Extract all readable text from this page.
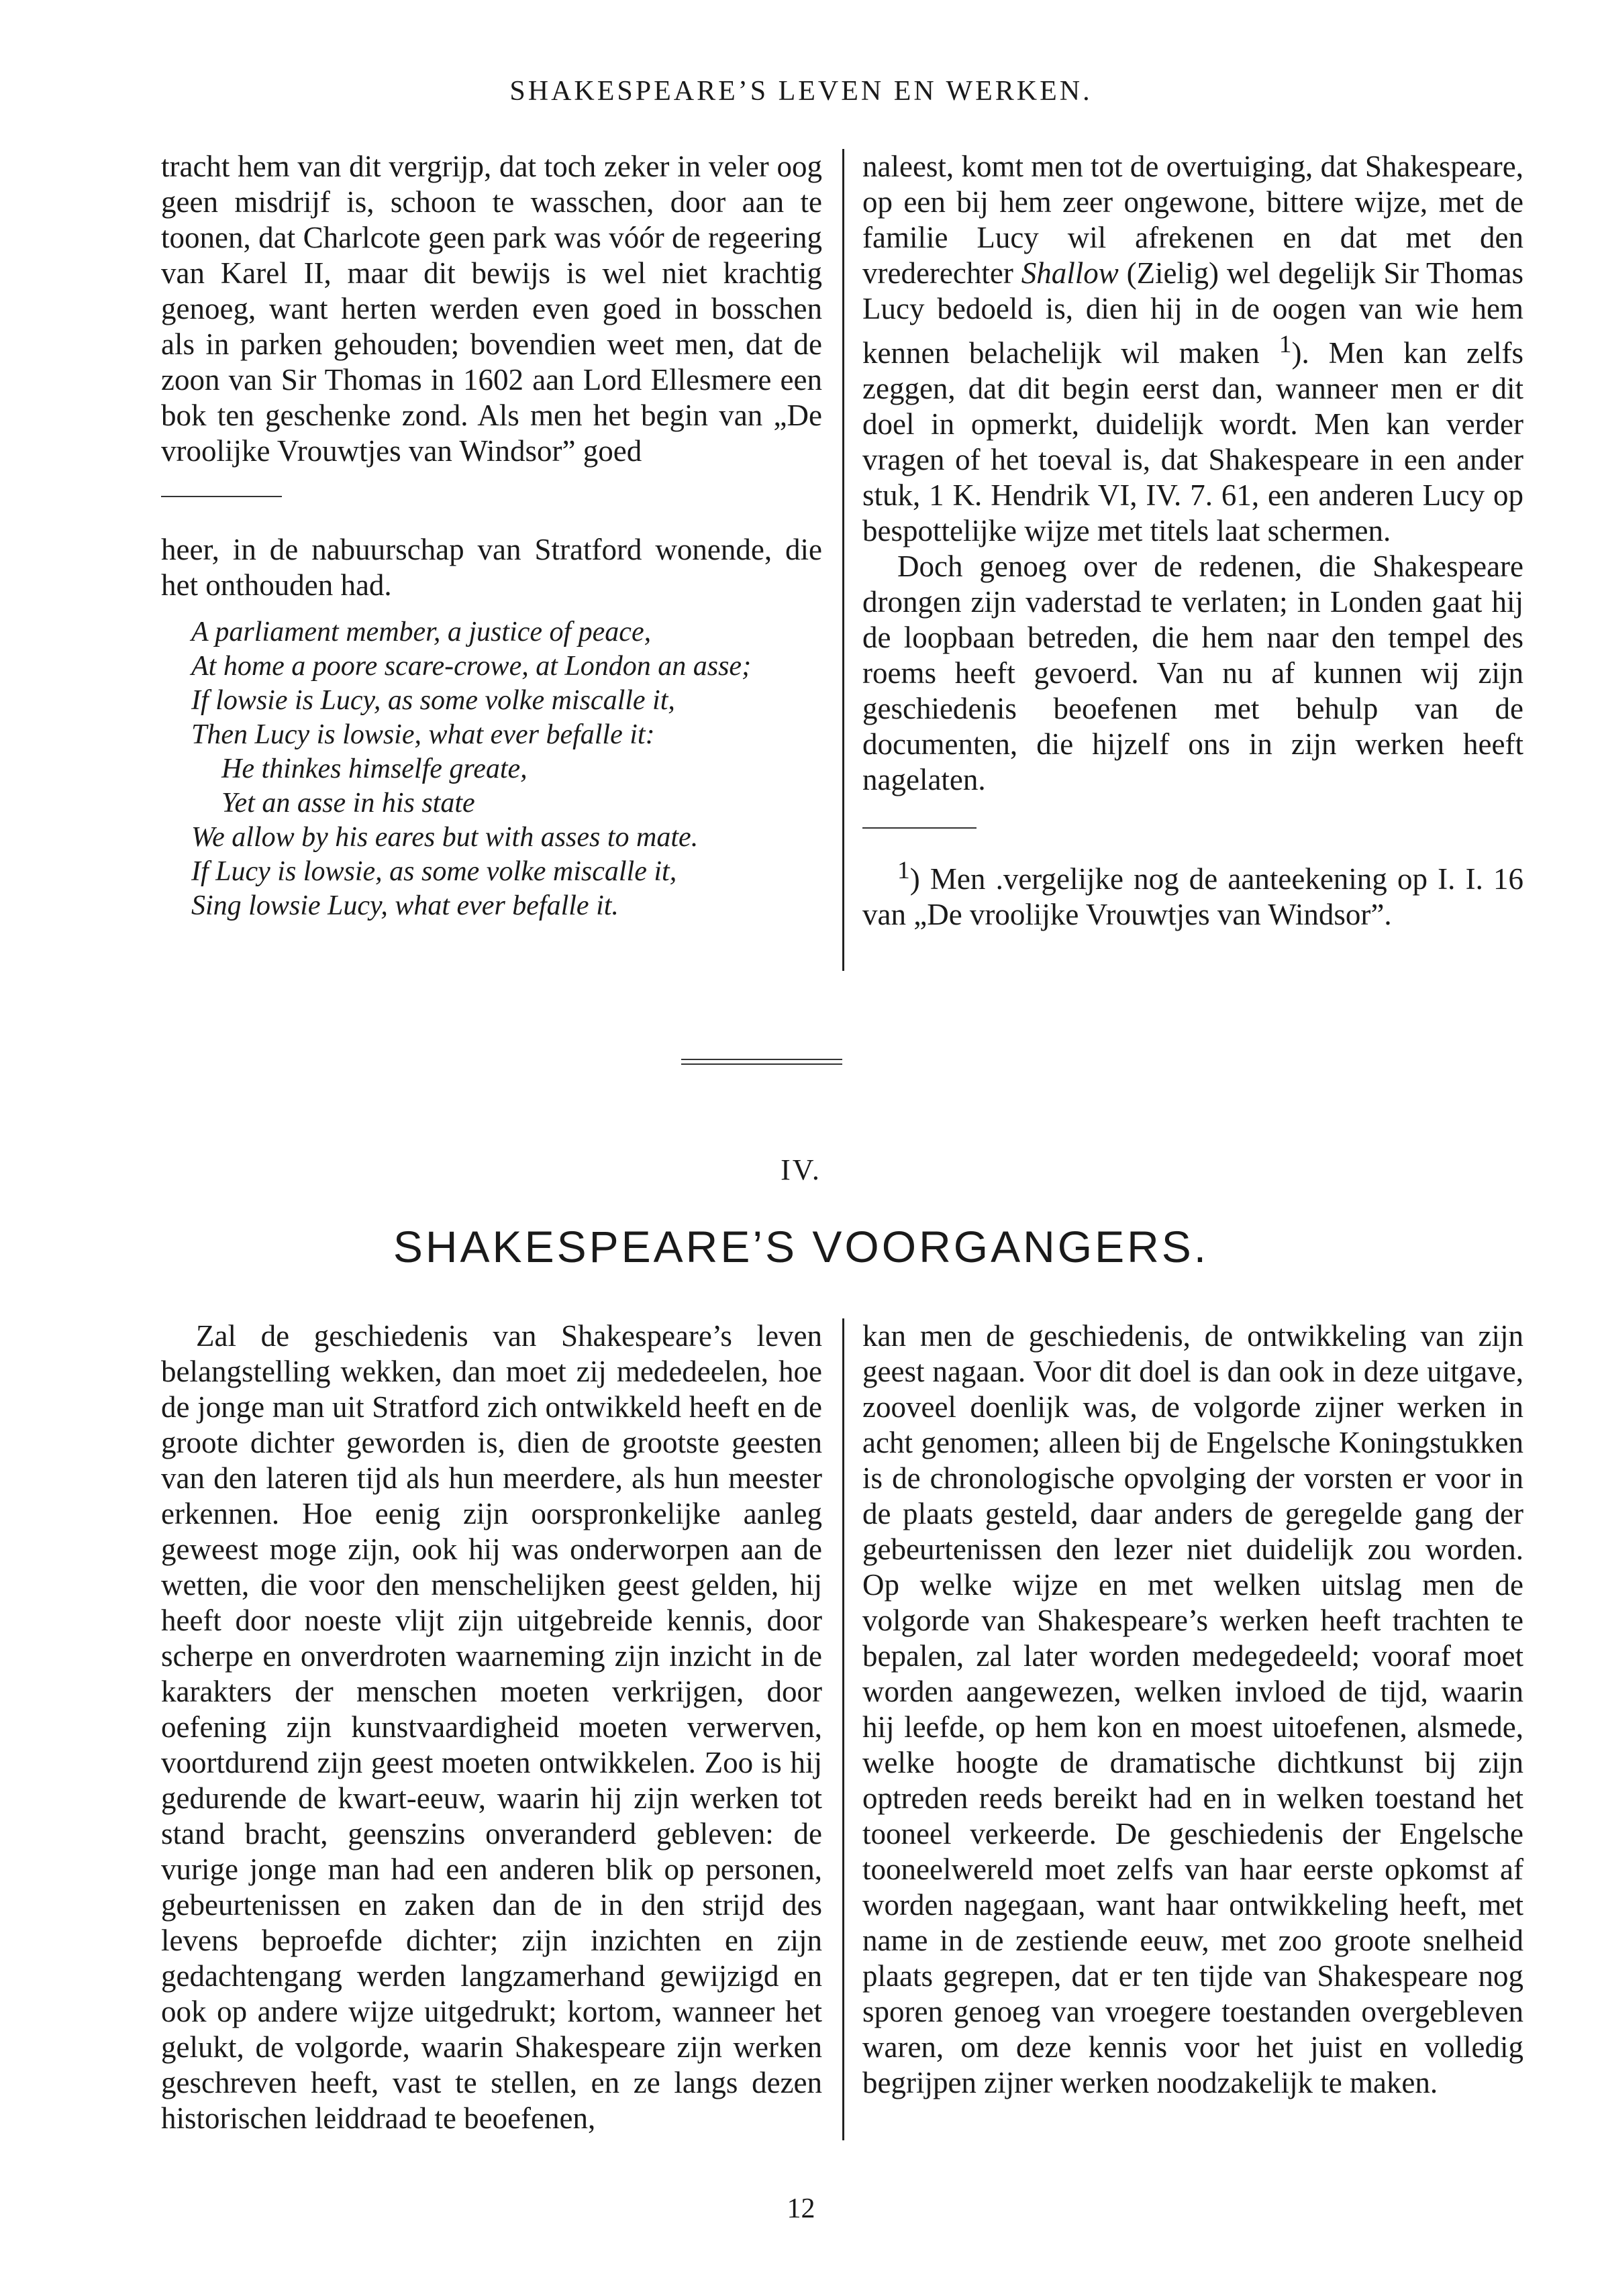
SHAKESPEARE’S LEVEN EN WERKEN.

tracht hem van dit vergrijp, dat toch zeker in veler oog geen misdrijf is, schoon te wasschen, door aan te toonen, dat Charlcote geen park was vóór de regeering van Karel II, maar dit bewijs is wel niet krachtig genoeg, want herten werden even goed in bosschen als in parken gehouden; bovendien weet men, dat de zoon van Sir Thomas in 1602 aan Lord Ellesmere een bok ten geschenke zond. Als men het begin van „De vroolijke Vrouwtjes van Windsor” goed

heer, in de nabuurschap van Stratford wonende, die het onthouden had.

A parliament member, a justice of peace,
At home a poore scare-crowe, at London an asse;
If lowsie is Lucy, as some volke miscalle it,
Then Lucy is lowsie, what ever befalle it:
He thinkes himselfe greate,
Yet an asse in his state
We allow by his eares but with asses to mate.
If Lucy is lowsie, as some volke miscalle it,
Sing lowsie Lucy, what ever befalle it.

naleest, komt men tot de overtuiging, dat Shakespeare, op een bij hem zeer ongewone, bittere wijze, met de familie Lucy wil afrekenen en dat met den vrederechter Shallow (Zielig) wel degelijk Sir Thomas Lucy bedoeld is, dien hij in de oogen van wie hem kennen belachelijk wil maken $^1$). Men kan zelfs zeggen, dat dit begin eerst dan, wanneer men er dit doel in opmerkt, duidelijk wordt. Men kan verder vragen of het toeval is, dat Shakespeare in een ander stuk, 1 K. Hendrik VI, IV. 7. 61, een anderen Lucy op bespottelijke wijze met titels laat schermen.

Doch genoeg over de redenen, die Shakespeare drongen zijn vaderstad te verlaten; in Londen gaat hij de loopbaan betreden, die hem naar den tempel des roems heeft gevoerd. Van nu af kunnen wij zijn geschiedenis beoefenen met behulp van de documenten, die hijzelf ons in zijn werken heeft nagelaten.

$^1$) Men .vergelijke nog de aanteekening op I. I. 16 van „De vroolijke Vrouwtjes van Windsor”.

IV.
SHAKESPEARE’S VOORGANGERS.

Zal de geschiedenis van Shakespeare’s leven belangstelling wekken, dan moet zij mededeelen, hoe de jonge man uit Stratford zich ontwikkeld heeft en de groote dichter geworden is, dien de grootste geesten van den lateren tijd als hun meerdere, als hun meester erkennen. Hoe eenig zijn oorspronkelijke aanleg geweest moge zijn, ook hij was onderworpen aan de wetten, die voor den menschelijken geest gelden, hij heeft door noeste vlijt zijn uitgebreide kennis, door scherpe en onverdroten waarneming zijn inzicht in de karakters der menschen moeten verkrijgen, door oefening zijn kunstvaardigheid moeten verwerven, voortdurend zijn geest moeten ontwikkelen. Zoo is hij gedurende de kwart-eeuw, waarin hij zijn werken tot stand bracht, geenszins onveranderd gebleven: de vurige jonge man had een anderen blik op personen, gebeurtenissen en zaken dan de in den strijd des levens beproefde dichter; zijn inzichten en zijn gedachtengang werden langzamerhand gewijzigd en ook op andere wijze uitgedrukt; kortom, wanneer het gelukt, de volgorde, waarin Shakespeare zijn werken geschreven heeft, vast te stellen, en ze langs dezen historischen leiddraad te beoefenen,

kan men de geschiedenis, de ontwikkeling van zijn geest nagaan. Voor dit doel is dan ook in deze uitgave, zooveel doenlijk was, de volgorde zijner werken in acht genomen; alleen bij de Engelsche Koningstukken is de chronologische opvolging der vorsten er voor in de plaats gesteld, daar anders de geregelde gang der gebeurtenissen den lezer niet duidelijk zou worden. Op welke wijze en met welken uitslag men de volgorde van Shakespeare’s werken heeft trachten te bepalen, zal later worden medegedeeld; vooraf moet worden aangewezen, welken invloed de tijd, waarin hij leefde, op hem kon en moest uitoefenen, alsmede, welke hoogte de dramatische dichtkunst bij zijn optreden reeds bereikt had en in welken toestand het tooneel verkeerde. De geschiedenis der Engelsche tooneelwereld moet zelfs van haar eerste opkomst af worden nagegaan, want haar ontwikkeling heeft, met name in de zestiende eeuw, met zoo groote snelheid plaats gegrepen, dat er ten tijde van Shakespeare nog sporen genoeg van vroegere toestanden overgebleven waren, om deze kennis voor het juist en volledig begrijpen zijner werken noodzakelijk te maken.

12
